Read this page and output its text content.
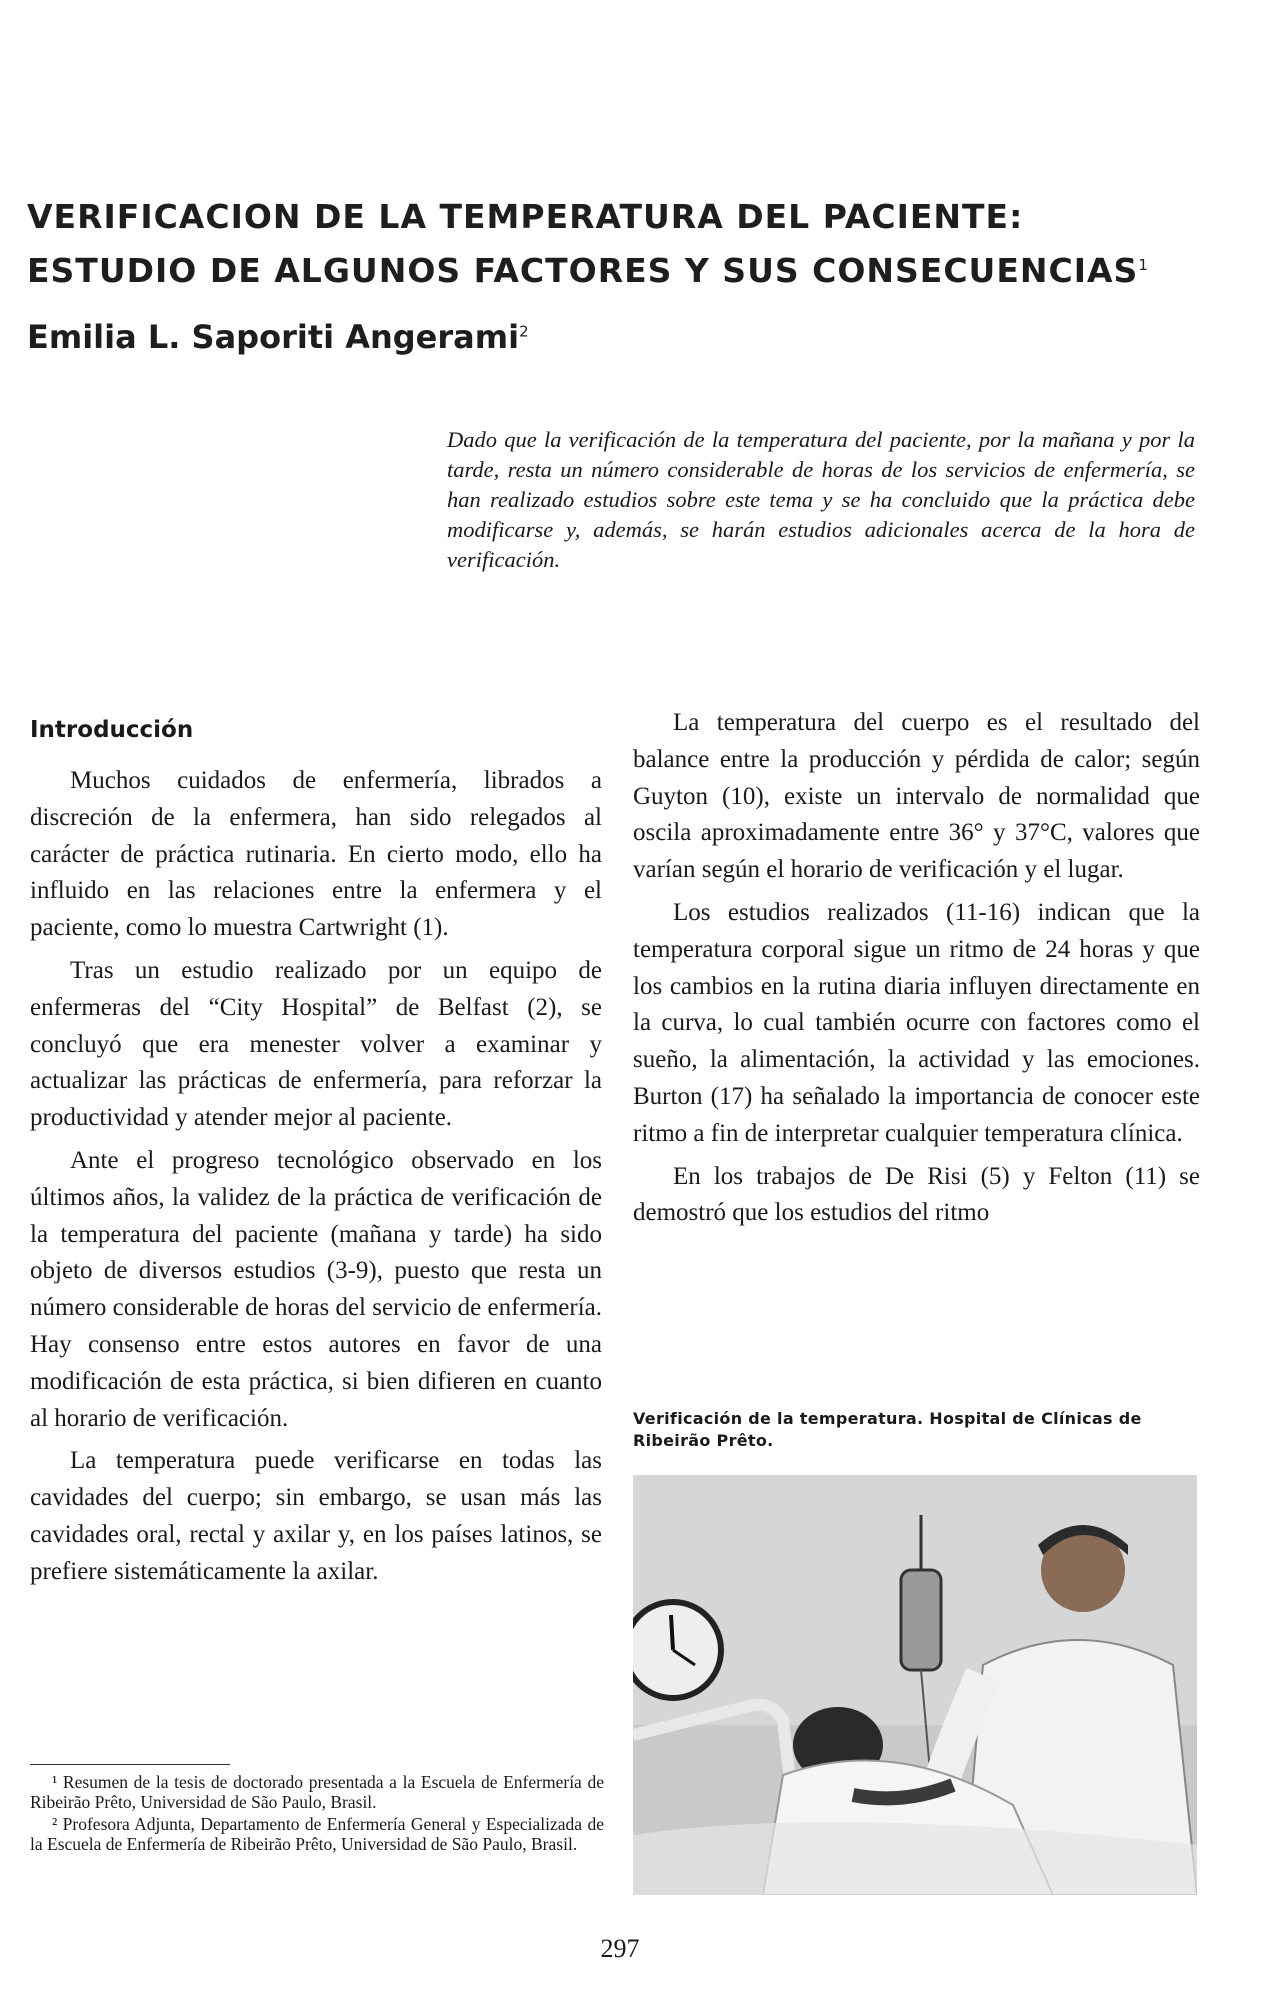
VERIFICACION DE LA TEMPERATURA DEL PACIENTE:
ESTUDIO DE ALGUNOS FACTORES Y SUS CONSECUENCIAS$^1$

Emilia L. Saporiti Angerami$^2$

Dado que la verificación de la temperatura del paciente, por la mañana y por la tarde, resta un número considerable de horas de los servicios de enfermería, se han realizado estudios sobre este tema y se ha concluido que la práctica debe modificarse y, además, se harán estudios adicionales acerca de la hora de verificación.

Introducción

Muchos cuidados de enfermería, librados a discreción de la enfermera, han sido relegados al carácter de práctica rutinaria. En cierto modo, ello ha influido en las relaciones entre la enfermera y el paciente, como lo muestra Cartwright (1).

Tras un estudio realizado por un equipo de enfermeras del “City Hospital” de Belfast (2), se concluyó que era menester volver a examinar y actualizar las prácticas de enfermería, para reforzar la productividad y atender mejor al paciente.

Ante el progreso tecnológico observado en los últimos años, la validez de la práctica de verificación de la temperatura del paciente (mañana y tarde) ha sido objeto de diversos estudios (3-9), puesto que resta un número considerable de horas del servicio de enfermería. Hay consenso entre estos autores en favor de una modificación de esta práctica, si bien difieren en cuanto al horario de verificación.

La temperatura puede verificarse en todas las cavidades del cuerpo; sin embargo, se usan más las cavidades oral, rectal y axilar y, en los países latinos, se prefiere sistemáticamente la axilar.

La temperatura del cuerpo es el resultado del balance entre la producción y pérdida de calor; según Guyton (10), existe un intervalo de normalidad que oscila aproximadamente entre 36° y 37°C, valores que varían según el horario de verificación y el lugar.

Los estudios realizados (11-16) indican que la temperatura corporal sigue un ritmo de 24 horas y que los cambios en la rutina diaria influyen directamente en la curva, lo cual también ocurre con factores como el sueño, la alimentación, la actividad y las emociones. Burton (17) ha señalado la importancia de conocer este ritmo a fin de interpretar cualquier temperatura clínica.

En los trabajos de De Risi (5) y Felton (11) se demostró que los estudios del ritmo

Verificación de la temperatura. Hospital de Clínicas de Ribeirão Prêto.

¹ Resumen de la tesis de doctorado presentada a la Escuela de Enfermería de Ribeirão Prêto, Universidad de São Paulo, Brasil.

² Profesora Adjunta, Departamento de Enfermería General y Especializada de la Escuela de Enfermería de Ribeirão Prêto, Universidad de São Paulo, Brasil.

297
